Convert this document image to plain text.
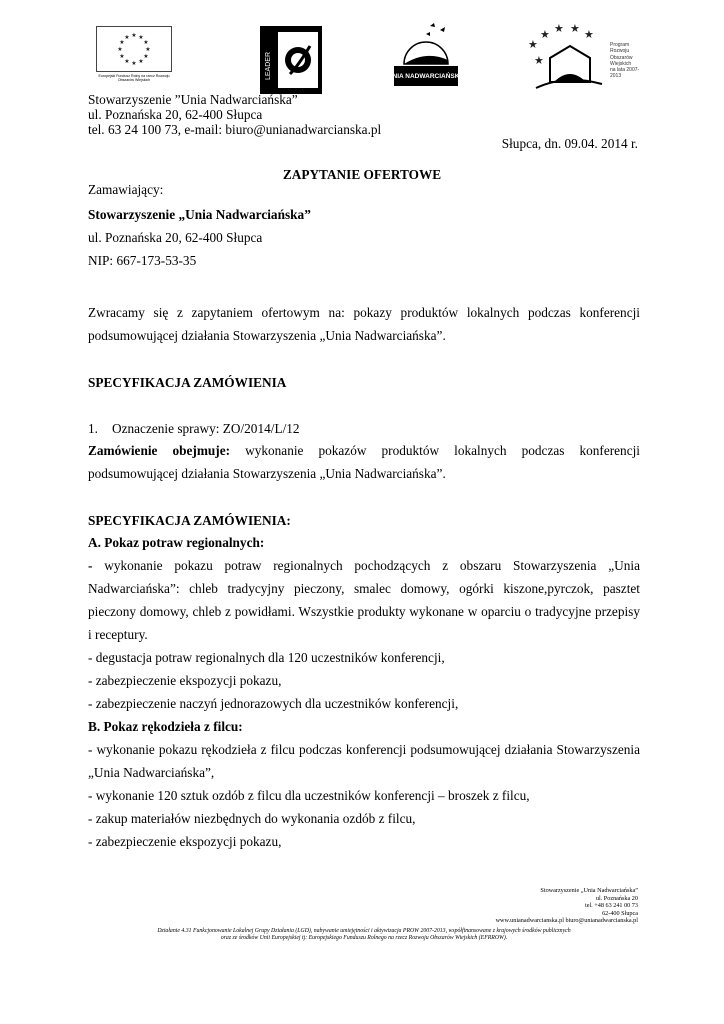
★ ★
★
★
★
★
★
★
★
★
★
★
Europejski Fundusz Rolny na rzecz Rozwoju Obszarów Wiejskich	LEADER	UNIA NADWARCIAŃSKA
★
★ ★ ★ ★
★
Program
Rozwoju
Obszarów
Wiejskich
na lata 2007-2013
Stowarzyszenie ”Unia Nadwarciańska”
ul. Poznańska 20, 62-400 Słupca
tel. 63 24 100 73, e-mail: biuro@unianadwarcianska.pl
Słupca, dn. 09.04. 2014 r.
ZAPYTANIE OFERTOWE
Zamawiający:
Stowarzyszenie „Unia Nadwarciańska”
ul. Poznańska 20, 62-400 Słupca
NIP: 667-173-53-35
Zwracamy się z zapytaniem ofertowym na: pokazy produktów lokalnych podczas konferencji
podsumowującej działania Stowarzyszenia „Unia Nadwarciańska”.
SPECYFIKACJA ZAMÓWIENIA
1. Oznaczenie sprawy: ZO/2014/L/12
Zamówienie obejmuje: wykonanie pokazów produktów lokalnych podczas konferencji
podsumowującej działania Stowarzyszenia „Unia Nadwarciańska”.
SPECYFIKACJA ZAMÓWIENIA:
A. Pokaz potraw regionalnych:
- wykonanie pokazu potraw regionalnych pochodzących z obszaru Stowarzyszenia „Unia
Nadwarciańska”: chleb tradycyjny pieczony, smalec domowy, ogórki kiszone,pyrczok, pasztet
pieczony domowy, chleb z powidłami. Wszystkie produkty wykonane w oparciu o tradycyjne przepisy
i receptury.
- degustacja potraw regionalnych dla 120 uczestników konferencji,
- zabezpieczenie ekspozycji pokazu,
- zabezpieczenie naczyń jednorazowych dla uczestników konferencji,
B. Pokaz rękodzieła z filcu:
- wykonanie pokazu rękodzieła z filcu podczas konferencji podsumowującej działania Stowarzyszenia
„Unia Nadwarciańska”,
- wykonanie 120 sztuk ozdób z filcu dla uczestników konferencji – broszek z filcu,
- zakup materiałów niezbędnych do wykonania ozdób z filcu,
- zabezpieczenie ekspozycji pokazu,
Stowarzyszenie „Unia Nadwarciańska”
ul. Poznańska 20
tel. +48 63 241 00 73
62-400 Słupca
www.unianadwarcianska.pl biuro@unianadwarcianska.pl
Działanie 4.31 Funkcjonowanie Lokalnej Grupy Działania (LGD), nabywanie umiejętności i aktywizacja PROW 2007-2013, współfinansowane z krajowych środków publicznych
oraz ze środków Unii Europejskiej tj: Europejskiego Funduszu Rolnego na rzecz Rozwoju Obszarów Wiejskich (EFRROW).
